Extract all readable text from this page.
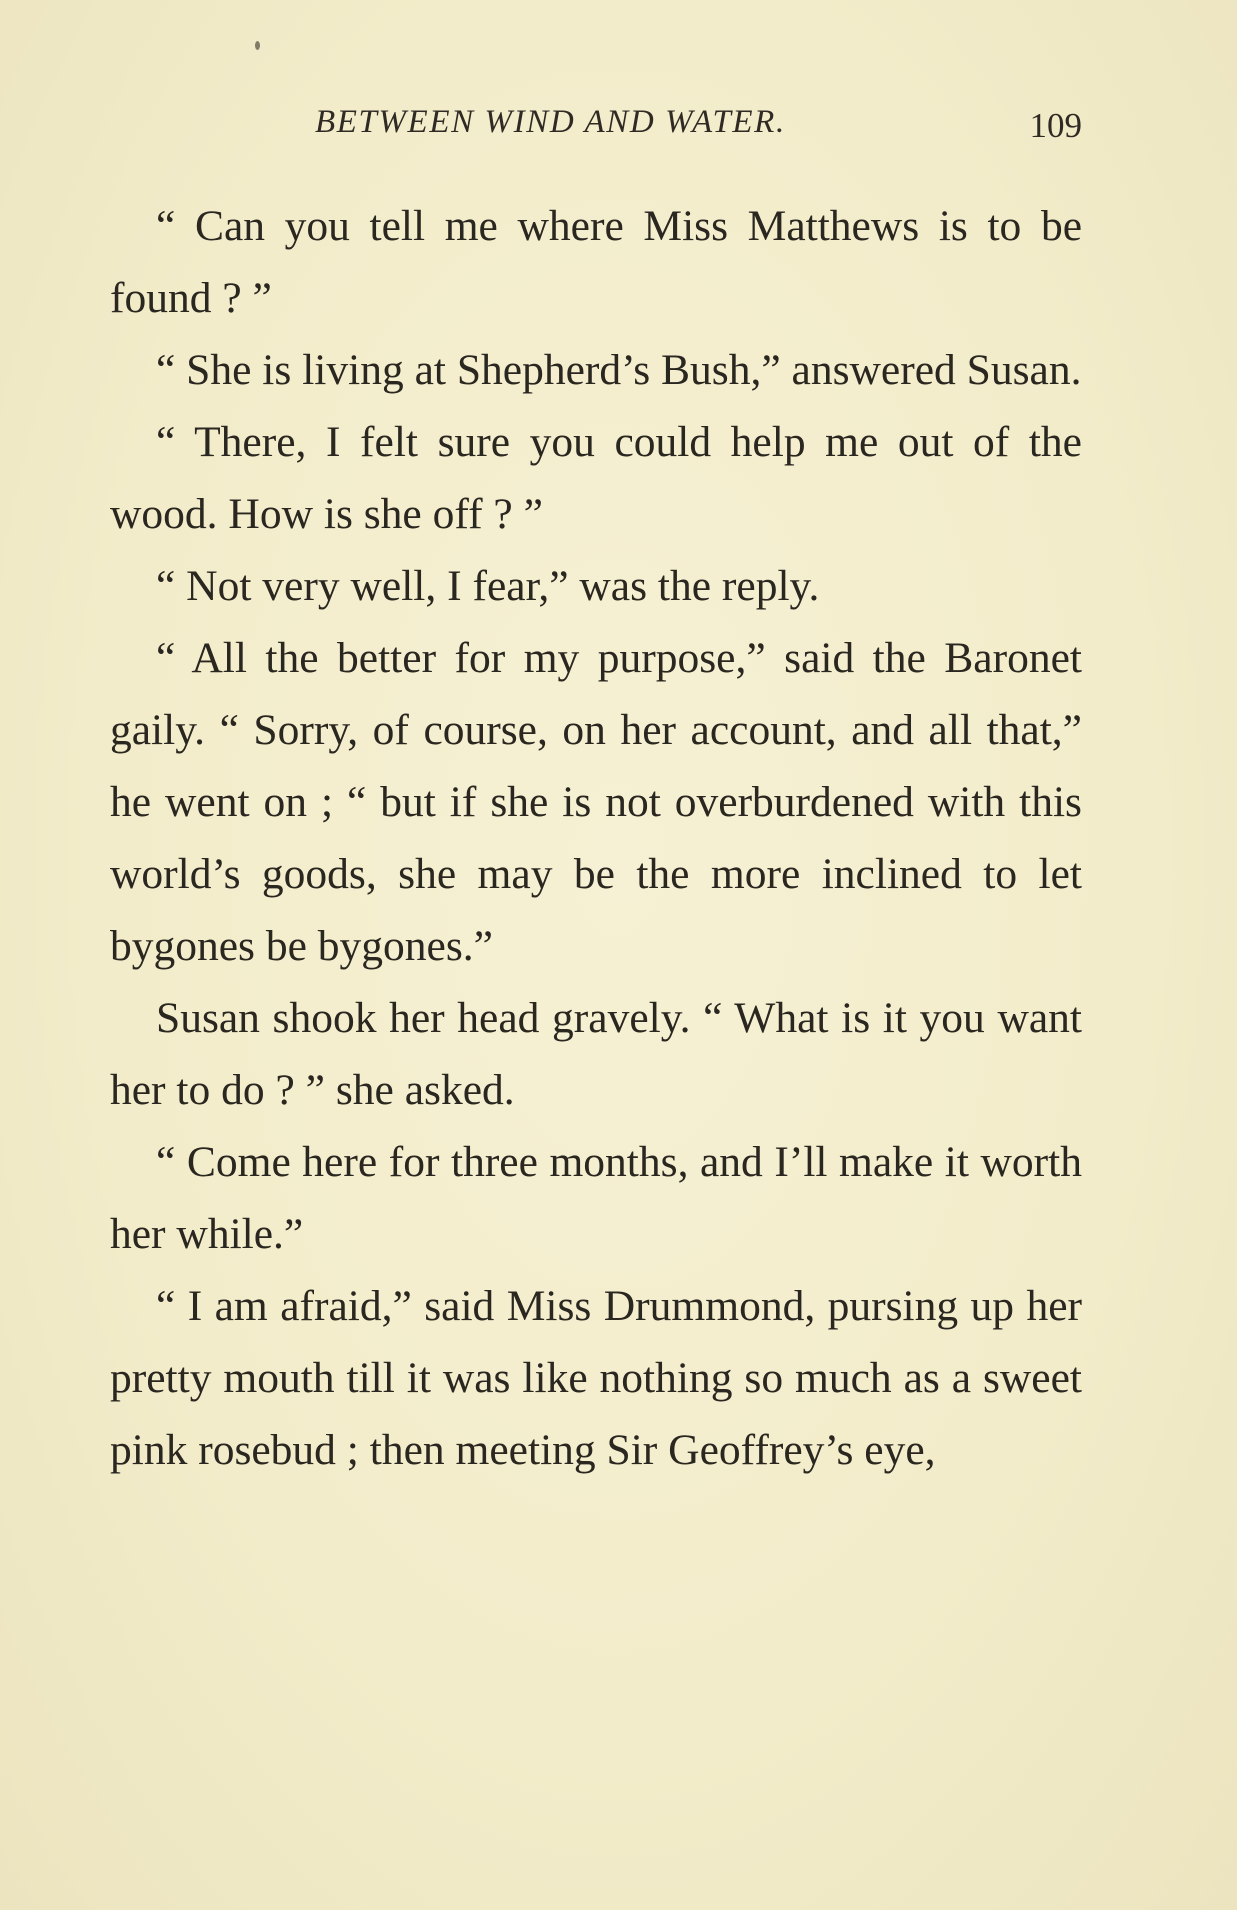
BETWEEN WIND AND WATER.	109

“ Can you tell me where Miss Matthews is to be found ? ”

“ She is living at Shepherd’s Bush,” answered Susan.

“ There, I felt sure you could help me out of the wood. How is she off ? ”

“ Not very well, I fear,” was the reply.

“ All the better for my purpose,” said the Baronet gaily. “ Sorry, of course, on her account, and all that,” he went on ; “ but if she is not overburdened with this world’s goods, she may be the more inclined to let bygones be bygones.”

Susan shook her head gravely. “ What is it you want her to do ? ” she asked.

“ Come here for three months, and I’ll make it worth her while.”

“ I am afraid,” said Miss Drummond, pursing up her pretty mouth till it was like nothing so much as a sweet pink rosebud ; then meeting Sir Geoffrey’s eye,
